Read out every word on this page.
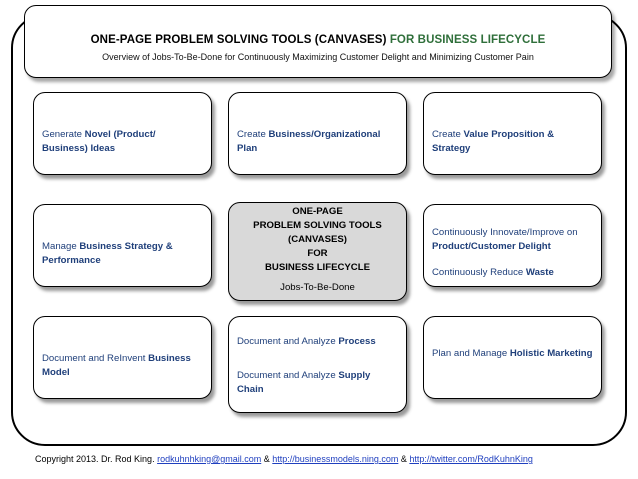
ONE-PAGE PROBLEM SOLVING TOOLS (CANVASES) FOR BUSINESS LIFECYCLE
Overview of Jobs-To-Be-Done for Continuously Maximizing Customer Delight and Minimizing Customer Pain

Generate Novel (Product/ Business) Ideas

Create Business/Organizational Plan

Create Value Proposition & Strategy

Manage Business Strategy & Performance

ONE-PAGE
PROBLEM SOLVING TOOLS
(CANVASES)
FOR
BUSINESS LIFECYCLE
Jobs-To-Be-Done

Continuously Innovate/Improve on Product/Customer Delight

Continuously Reduce Waste

Document and ReInvent Business Model

Document and Analyze Process

Document and Analyze Supply Chain

Plan and Manage Holistic Marketing

Copyright 2013. Dr. Rod King. rodkuhnhking@gmail.com & http://businessmodels.ning.com & http://twitter.com/RodKuhnKing
